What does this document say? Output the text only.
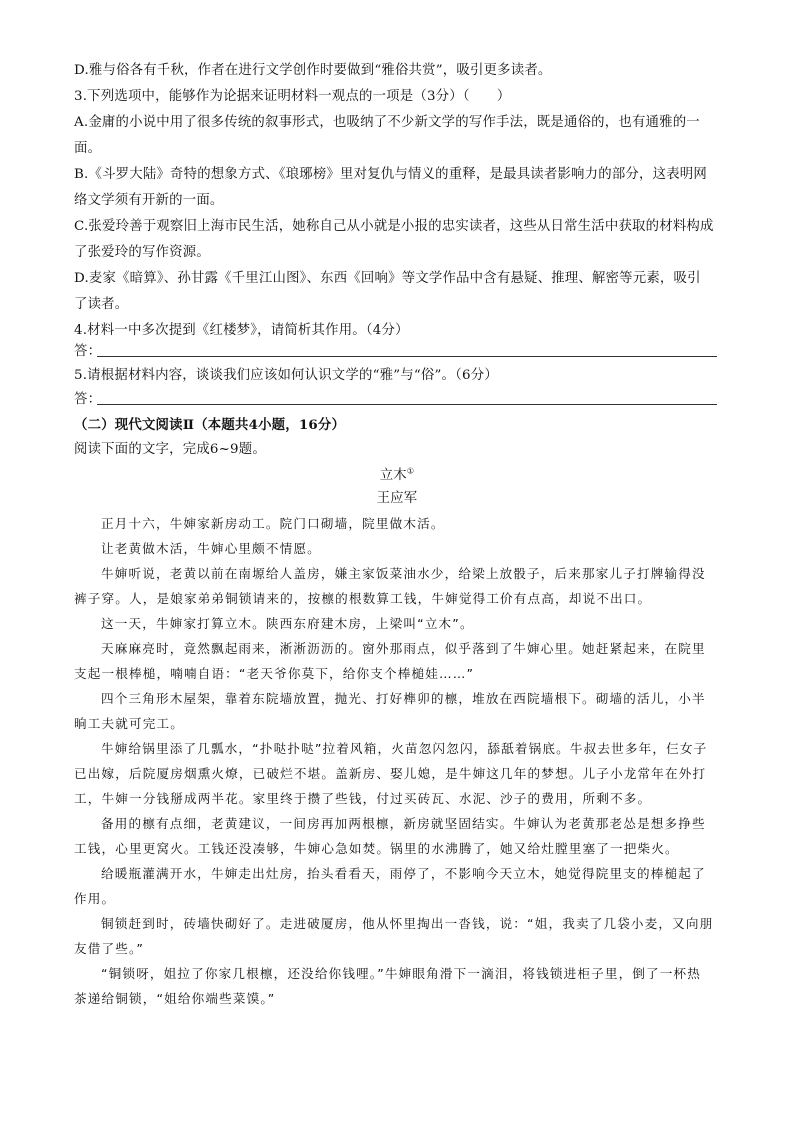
D.雅与俗各有千秋，作者在进行文学创作时要做到“雅俗共赏”，吸引更多读者。
3.下列选项中，能够作为论据来证明材料一观点的一项是（3分）（　　）
A.金庸的小说中用了很多传统的叙事形式，也吸纳了不少新文学的写作手法，既是通俗的，也有通雅的一
面。
B.《斗罗大陆》奇特的想象方式、《琅琊榜》里对复仇与情义的重释，是最具读者影响力的部分，这表明网
络文学须有开新的一面。
C.张爱玲善于观察旧上海市民生活，她称自己从小就是小报的忠实读者，这些从日常生活中获取的材料构成
了张爱玲的写作资源。
D.麦家《暗算》、孙甘露《千里江山图》、东西《回响》等文学作品中含有悬疑、推理、解密等元素，吸引
了读者。
4.材料一中多次提到《红楼梦》，请简析其作用。（4分）
答：
5.请根据材料内容，谈谈我们应该如何认识文学的“雅”与“俗”。（6分）
答：
（二）现代文阅读Ⅱ（本题共4小题，16分）
阅读下面的文字，完成6~9题。
立木①
王应军
正月十六，牛婶家新房动工。院门口砌墙，院里做木活。
让老黄做木活，牛婶心里颇不情愿。
牛婶听说，老黄以前在南塬给人盖房，嫌主家饭菜油水少，给梁上放骰子，后来那家儿子打牌输得没
裤子穿。人，是娘家弟弟铜锁请来的，按檩的根数算工钱，牛婶觉得工价有点高，却说不出口。
这一天，牛婶家打算立木。陕西东府建木房，上梁叫“立木”。
天麻麻亮时，竟然飘起雨来，淅淅沥沥的。窗外那雨点，似乎落到了牛婶心里。她赶紧起来，在院里
支起一根棒槌，喃喃自语：“老天爷你莫下，给你支个棒槌娃……”
四个三角形木屋架，靠着东院墙放置，抛光、打好榫卯的檩，堆放在西院墙根下。砌墙的活儿，小半
晌工夫就可完工。
牛婶给锅里添了几瓢水，“扑哒扑哒”拉着风箱，火苗忽闪忽闪，舔舐着锅底。牛叔去世多年，仨女子
已出嫁，后院厦房烟熏火燎，已破烂不堪。盖新房、娶儿媳，是牛婶这几年的梦想。儿子小龙常年在外打
工，牛婶一分钱掰成两半花。家里终于攒了些钱，付过买砖瓦、水泥、沙子的费用，所剩不多。
备用的檩有点细，老黄建议，一间房再加两根檩，新房就坚固结实。牛婶认为老黄那老怂是想多挣些
工钱，心里更窝火。工钱还没凑够，牛婶心急如焚。锅里的水沸腾了，她又给灶膛里塞了一把柴火。
给暖瓶灌满开水，牛婶走出灶房，抬头看看天，雨停了，不影响今天立木，她觉得院里支的棒槌起了
作用。
铜锁赶到时，砖墙快砌好了。走进破厦房，他从怀里掏出一沓钱，说：“姐，我卖了几袋小麦，又向朋
友借了些。”
“铜锁呀，姐拉了你家几根檩，还没给你钱哩。”牛婶眼角滑下一滴泪，将钱锁进柜子里，倒了一杯热
茶递给铜锁，“姐给你端些菜馍。”
